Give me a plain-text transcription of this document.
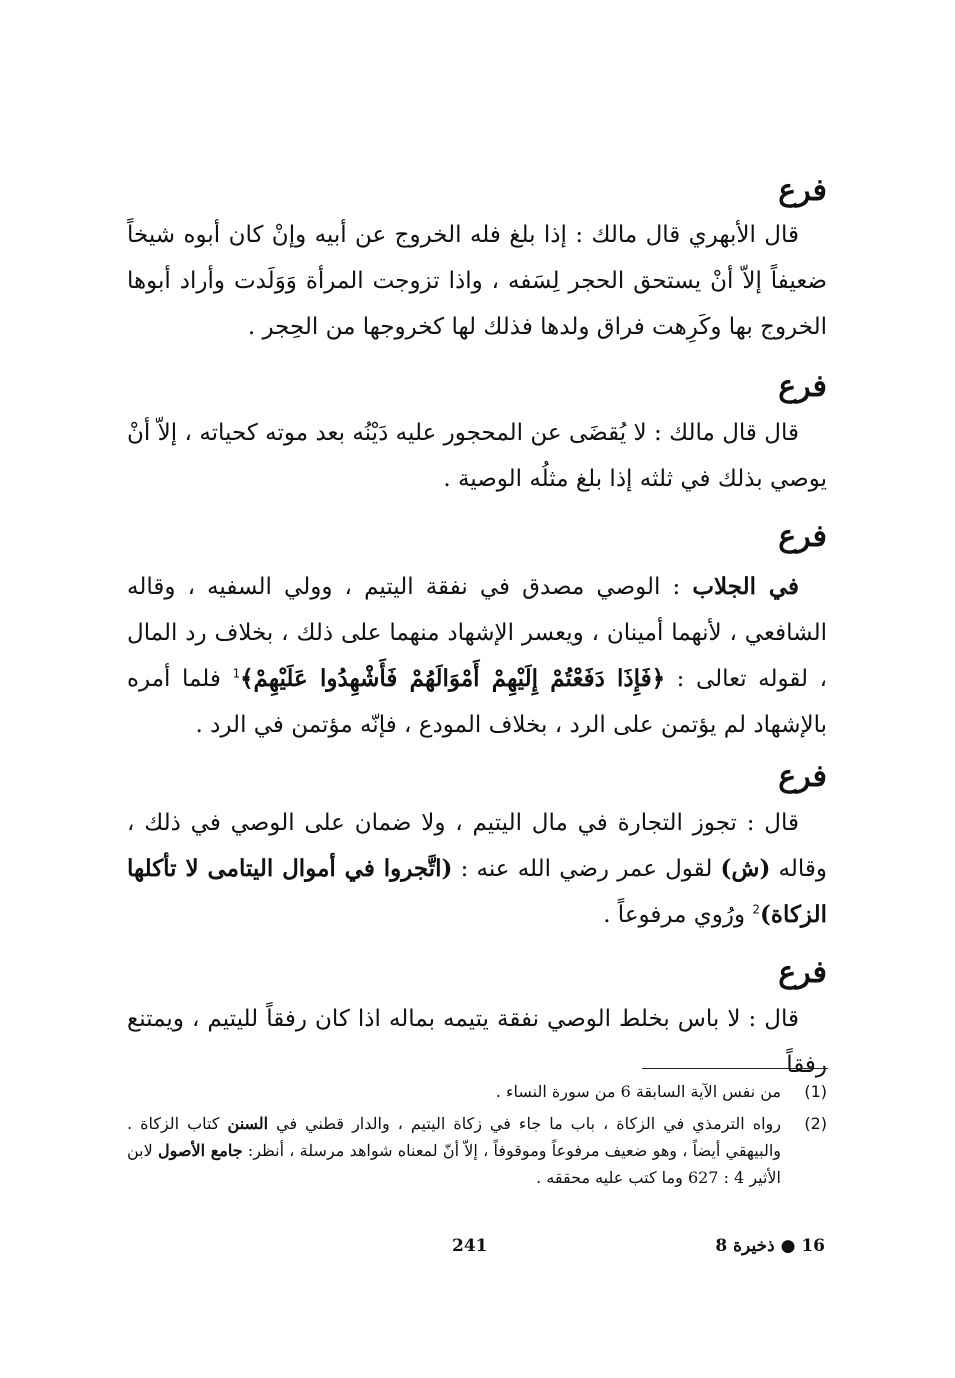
فرع

قال الأبهري قال مالك : إذا بلغ فله الخروج عن أبيه وإنْ كان أبوه شيخاً ضعيفاً إلاّ أنْ يستحق الحجر لِسَفه ، واذا تزوجت المرأة وَوَلَدت وأراد أبوها الخروج بها وكَرِهت فراق ولدها فذلك لها كخروجها من الحِجر .

فرع

قال قال مالك : لا يُقضَى عن المحجور عليه دَيْنُه بعد موته كحياته ، إلاّ أنْ يوصي بذلك في ثلثه إذا بلغ مثلُه الوصية .

فرع

في الجلاب : الوصي مصدق في نفقة اليتيم ، وولي السفيه ، وقاله الشافعي ، لأنهما أمينان ، ويعسر الإشهاد منهما على ذلك ، بخلاف رد المال ، لقوله تعالى : ﴿فَإِذَا دَفَعْتُمْ إِلَيْهِمْ أَمْوَالَهُمْ فَأَشْهِدُوا عَلَيْهِمْ﴾$^1$ فلما أمره بالإشهاد لم يؤتمن على الرد ، بخلاف المودع ، فإنّه مؤتمن في الرد .

فرع

قال : تجوز التجارة في مال اليتيم ، ولا ضمان على الوصي في ذلك ، وقاله (ش) لقول عمر رضي الله عنه : (اتَّجروا في أموال اليتامى لا تأكلها الزكاة)$^2$ ورُوي مرفوعاً .

فرع

قال : لا باس بخلط الوصي نفقة يتيمه بماله اذا كان رفقاً لليتيم ، ويمتنع رفقاً

(1)
من نفس الآية السابقة 6 من سورة النساء .
(2)
رواه الترمذي في الزكاة ، باب ما جاء في زكاة اليتيم ، والدار قطني في السنن كتاب الزكاة . والبيهقي أيضاً ، وهو ضعيف مرفوعاً وموقوفاً ، إلاّ أنّ لمعناه شواهد مرسلة ، أنظر: جامع الأصول لابن الأثير 4 : 627 وما كتب عليه محققه .
241	16 ● ذخيرة 8
